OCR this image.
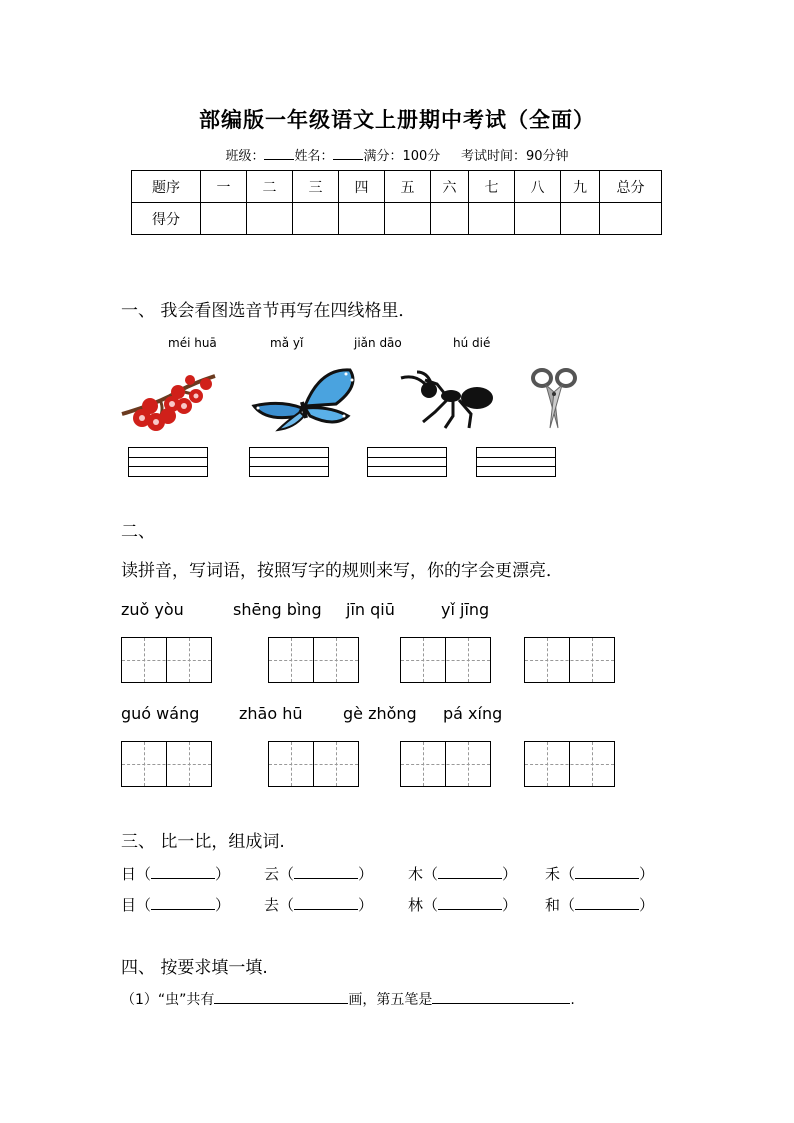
部编版一年级语文上册期中考试（全面）
班级： 姓名： 满分：100分 考试时间：90分钟
题序	一	二	三	四	五	六	七	八	九	总分
得分										
一、 我会看图选音节再写在四线格里．
méi huā	mǎ yǐ	jiǎn dāo	hú dié
二、
读拼音，写词语，按照写字的规则来写，你的字会更漂亮．
zuǒ yòu	shēng bìng jīn qiū	yǐ jīng
guó wáng zhāo hū	gè zhǒng pá xíng
三、 比一比，组成词.
日（	） 云（	） 木（	） 禾（	）
目（	） 去（	） 林（	） 和（	）
四、 按要求填一填.
（1）“虫”共有	画，第五笔是	.
